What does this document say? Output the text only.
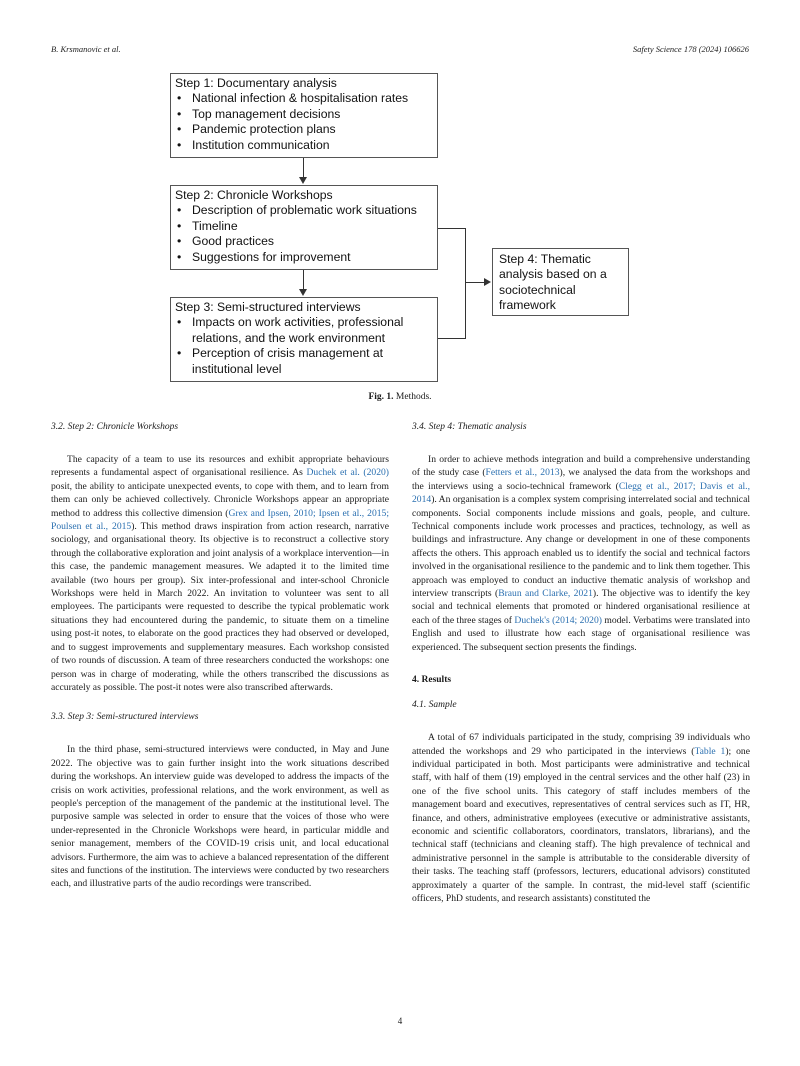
B. Krsmanovic et al.	Safety Science 178 (2024) 106626
Step 1: Documentary analysis
• National infection & hospitalisation rates
• Top management decisions
• Pandemic protection plans
• Institution communication
Step 2: Chronicle Workshops
• Description of problematic work situations
• Timeline
• Good practices
• Suggestions for improvement
Step 3: Semi-structured interviews
• Impacts on work activities, professional relations, and the work environment
• Perception of crisis management at institutional level
Step 4: Thematic analysis based on a sociotechnical framework
Fig. 1. Methods.

3.2. Step 2: Chronicle Workshops

The capacity of a team to use its resources and exhibit appropriate behaviours represents a fundamental aspect of organisational resilience. As Duchek et al. (2020) posit, the ability to anticipate unexpected events, to cope with them, and to learn from them can only be achieved collectively. Chronicle Workshops appear an appropriate method to address this collective dimension (Grex and Ipsen, 2010; Ipsen et al., 2015; Poulsen et al., 2015). This method draws inspiration from action research, narrative sociology, and organisational theory. Its objective is to reconstruct a collective story through the collaborative exploration and joint analysis of a workplace intervention—in this case, the pandemic management measures. We adapted it to the limited time available (two hours per group). Six inter-professional and inter-school Chronicle Workshops were held in March 2022. An invitation to volunteer was sent to all employees. The participants were requested to describe the typical problematic work situations they had encountered during the pandemic, to situate them on a timeline using post-it notes, to elaborate on the good practices they had observed or developed, and to suggest improvements and supplementary measures. Each workshop consisted of two rounds of discussion. A team of three researchers conducted the workshops: one person was in charge of moderating, while the others transcribed the discussions as accurately as possible. The post-it notes were also transcribed afterwards.

3.3. Step 3: Semi-structured interviews

In the third phase, semi-structured interviews were conducted, in May and June 2022. The objective was to gain further insight into the work situations described during the workshops. An interview guide was developed to address the impacts of the crisis on work activities, professional relations, and the work environment, as well as people's perception of the management of the pandemic at the institutional level. The purposive sample was selected in order to ensure that the voices of those who were under-represented in the Chronicle Workshops were heard, in particular middle and senior management, members of the COVID-19 crisis unit, and local educational advisors. Furthermore, the aim was to achieve a balanced representation of the different sites and functions of the institution. The interviews were conducted by two researchers each, and illustrative parts of the audio recordings were transcribed.

3.4. Step 4: Thematic analysis

In order to achieve methods integration and build a comprehensive understanding of the study case (Fetters et al., 2013), we analysed the data from the workshops and the interviews using a socio-technical framework (Clegg et al., 2017; Davis et al., 2014). An organisation is a complex system comprising interrelated social and technical components. Social components include missions and goals, people, and culture. Technical components include work processes and practices, technology, as well as buildings and infrastructure. Any change or development in one of these components affects the others. This approach enabled us to identify the social and technical factors involved in the organisational resilience to the pandemic and to link them together. This approach was employed to conduct an inductive thematic analysis of workshop and interview transcripts (Braun and Clarke, 2021). The objective was to identify the key social and technical elements that promoted or hindered organisational resilience at each of the three stages of Duchek's (2014; 2020) model. Verbatims were translated into English and used to illustrate how each stage of organisational resilience was experienced. The subsequent section presents the findings.

4. Results

4.1. Sample

A total of 67 individuals participated in the study, comprising 39 individuals who attended the workshops and 29 who participated in the interviews (Table 1); one individual participated in both. Most participants were administrative and technical staff, with half of them (19) employed in the central services and the other half (23) in one of the five school units. This category of staff includes members of the management board and executives, representatives of central services such as IT, HR, finance, and others, administrative employees (executive or administrative assistants, economic and scientific collaborators, coordinators, translators, librarians), and the technical staff (technicians and cleaning staff). The high prevalence of technical and administrative personnel in the sample is attributable to the considerable diversity of their tasks. The teaching staff (professors, lecturers, educational advisors) constituted approximately a quarter of the sample. In contrast, the mid-level staff (scientific officers, PhD students, and research assistants) constituted the

4
